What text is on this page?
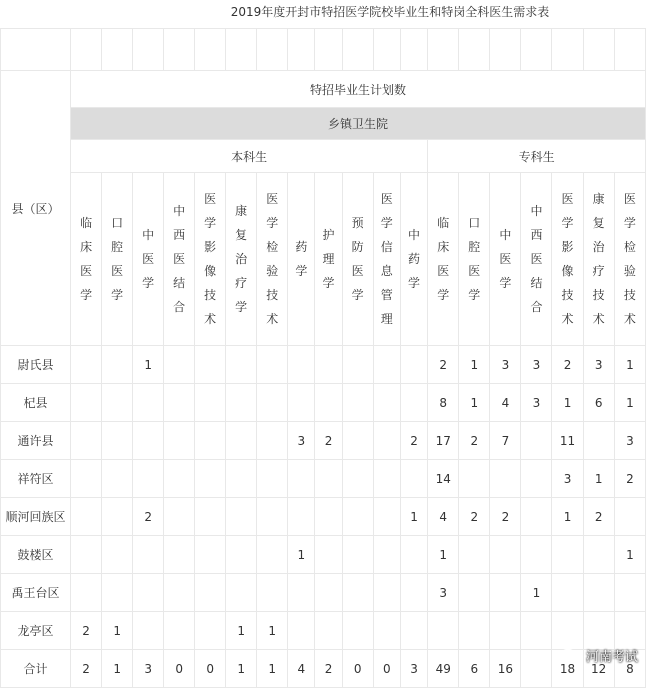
2019年度开封市特招医学院校毕业生和特岗全科医生需求表

县（区）	特招毕业生计划数																		
	乡镇卫生院																		
	本科生												专科生						
	临床医学	口腔医学	中医学	中西医结合	医学影像技术	康复治疗学	医学检验技术	药学	护理学	预防医学	医学信息管理	中药学	临床医学	口腔医学	中医学	中西医结合	医学影像技术	康复治疗技术	医学检验技术
尉氏县			1										2	1	3	3	2	3	1
杞县													8	1	4	3	1	6	1
通许县								3	2			2	17	2	7		11		3
祥符区													14				3	1	2
顺河回族区			2									1	4	2	2		1	2	
鼓楼区								1					1						1
禹王台区													3			1			
龙亭区	2	1				1	1												
合计	2	1	3	0	0	1	1	4	2	0	0	3	49	6	16		18	12	8
河南考试
